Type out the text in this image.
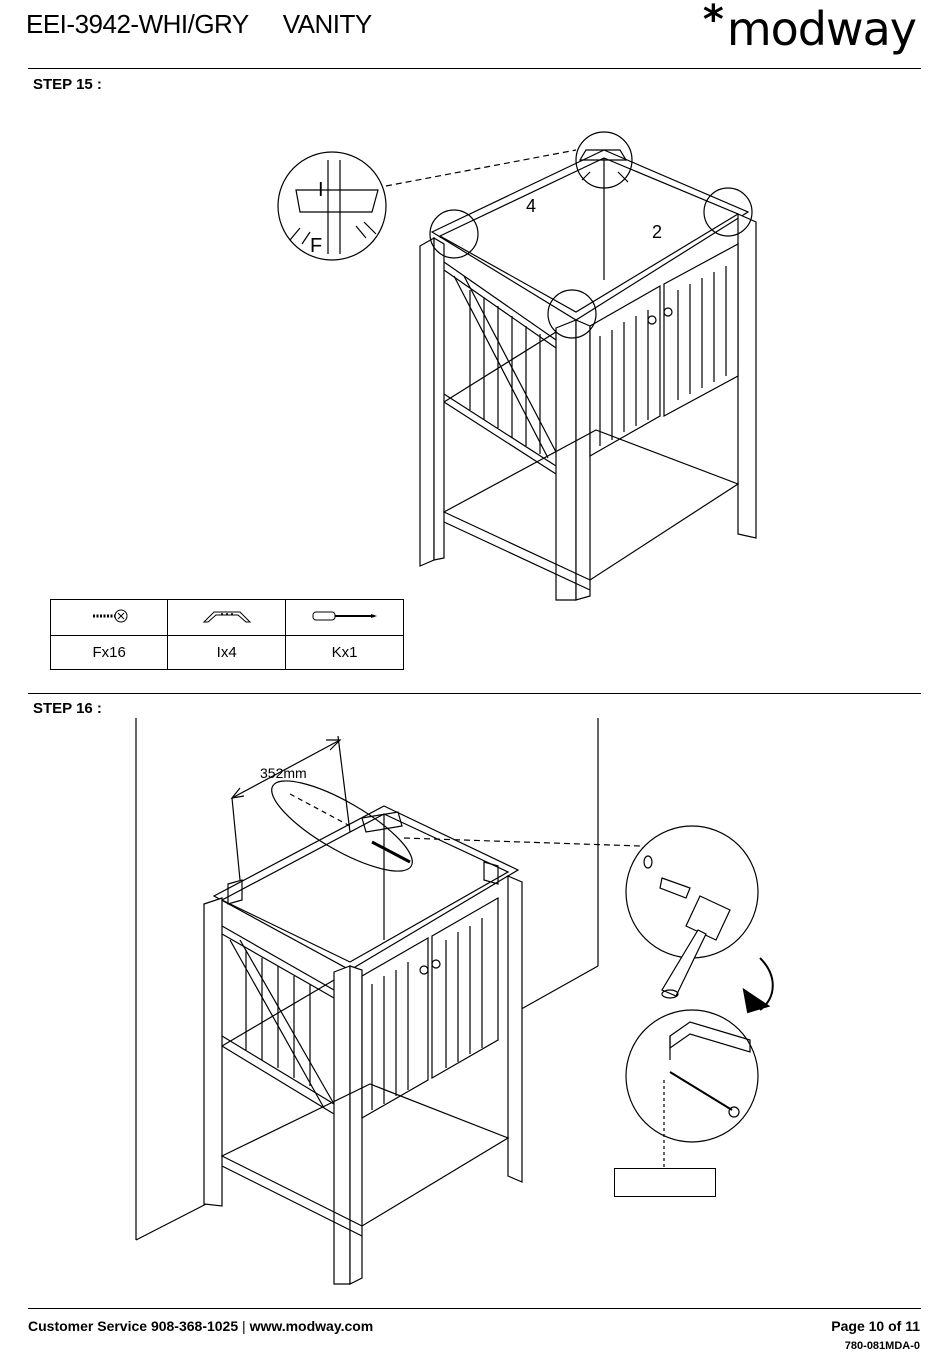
EEI-3942-WHI/GRY VANITY	*modway
STEP 15 :
I
F
4
2
352mm

Fx16	Ix4	Kx1
STEP 16 :
Customer Service 908-368-1025 | www.modway.com	Page 10 of 11
780-081MDA-0
